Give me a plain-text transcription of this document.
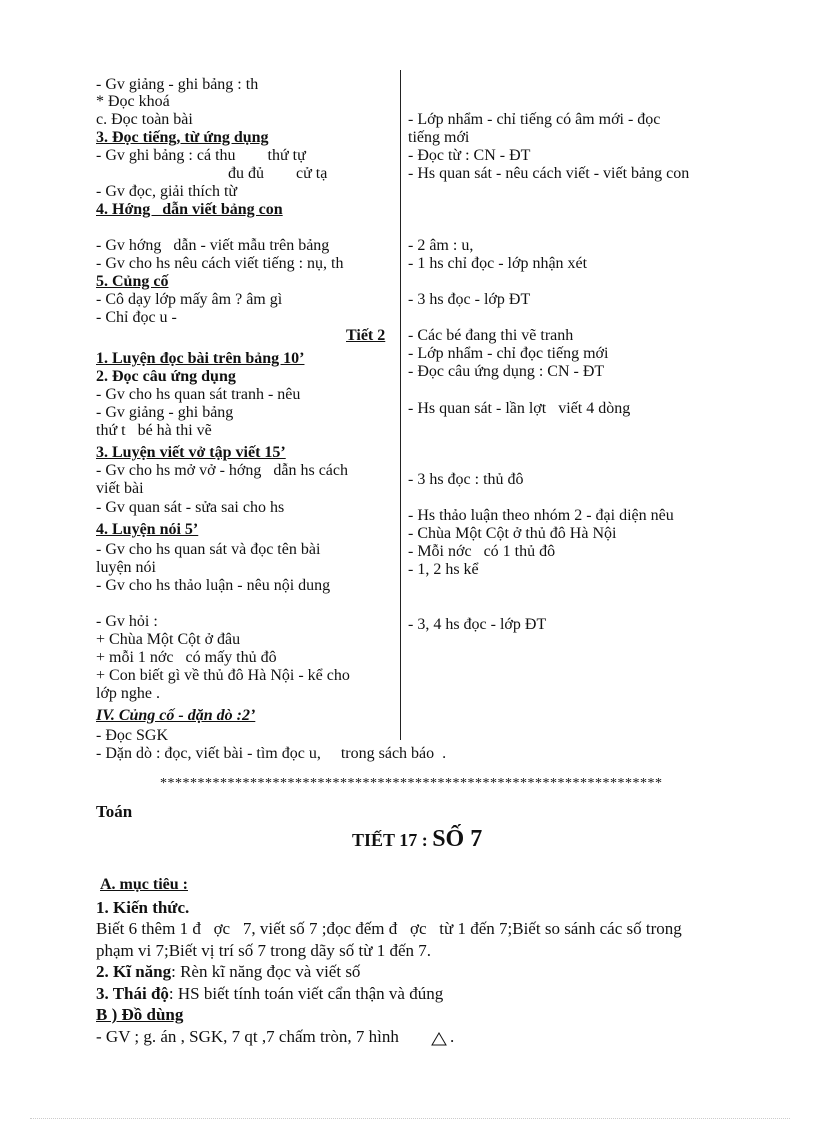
- Gv giảng - ghi bảng : th
* Đọc khoá
c. Đọc toàn bài
3. Đọc tiếng, từ ứng dụng
- Gv ghi bảng : cá thu        thứ tự
đu đủ        cử tạ
- Gv đọc, giải thích từ
4. Hớng   dẫn viết bảng con
- Gv hớng   dẫn - viết mẫu trên bảng
- Gv cho hs nêu cách viết tiếng : nụ, th
5. Củng cố
- Cô dạy lớp mấy âm ? âm gì
- Chỉ đọc u -
Tiết 2
1. Luyện đọc bài trên bảng 10’
2. Đọc câu ứng dụng
- Gv cho hs quan sát tranh - nêu
- Gv giảng - ghi bảng
thứ t   bé hà thi vẽ
3. Luyện viết vở tập viết 15’
- Gv cho hs mở vở - hớng   dẫn hs cách
viết bài
- Gv quan sát - sửa sai cho hs
4. Luyện nói 5’
- Gv cho hs quan sát và đọc tên bài
luyện nói
- Gv cho hs thảo luận - nêu nội dung
- Gv hỏi :
+ Chùa Một Cột ở đâu
+ mỗi 1 nớc   có mấy thủ đô
+ Con biết gì về thủ đô Hà Nội - kể cho
lớp nghe .
IV. Củng cố - dặn dò :2’
- Đọc SGK
- Dặn dò : đọc, viết bài - tìm đọc u,     trong sách báo  .
- Lớp nhẩm - chỉ tiếng có âm mới - đọc
tiếng mới
- Đọc từ : CN - ĐT
- Hs quan sát - nêu cách viết - viết bảng con
- 2 âm : u,
- 1 hs chỉ đọc - lớp nhận xét
- 3 hs đọc - lớp ĐT
- Các bé đang thi vẽ tranh
- Lớp nhẩm - chỉ đọc tiếng mới
- Đọc câu ứng dụng : CN - ĐT
- Hs quan sát - lần lợt   viết 4 dòng
- 3 hs đọc : thủ đô
- Hs thảo luận theo nhóm 2 - đại diện nêu
- Chùa Một Cột ở thủ đô Hà Nội
- Mỗi nớc   có 1 thủ đô
- 1, 2 hs kể
- 3, 4 hs đọc - lớp ĐT
*******************************************************************
Toán
TIẾT 17 : SỐ 7
A. mục tiêu :
1. Kiến thức.
Biết 6 thêm 1 đ   ợc   7, viết số 7 ;đọc đếm đ   ợc   từ 1 đến 7;Biết so sánh các số trong
phạm vi 7;Biết vị trí số 7 trong dãy số từ 1 đến 7.
2. Kĩ năng: Rèn kĩ năng đọc và viết số
3. Thái độ: HS biết tính toán viết cẩn thận và đúng
B ) Đồ dùng
- GV ; g. án , SGK, 7 qt ,7 chấm tròn, 7 hình	.
